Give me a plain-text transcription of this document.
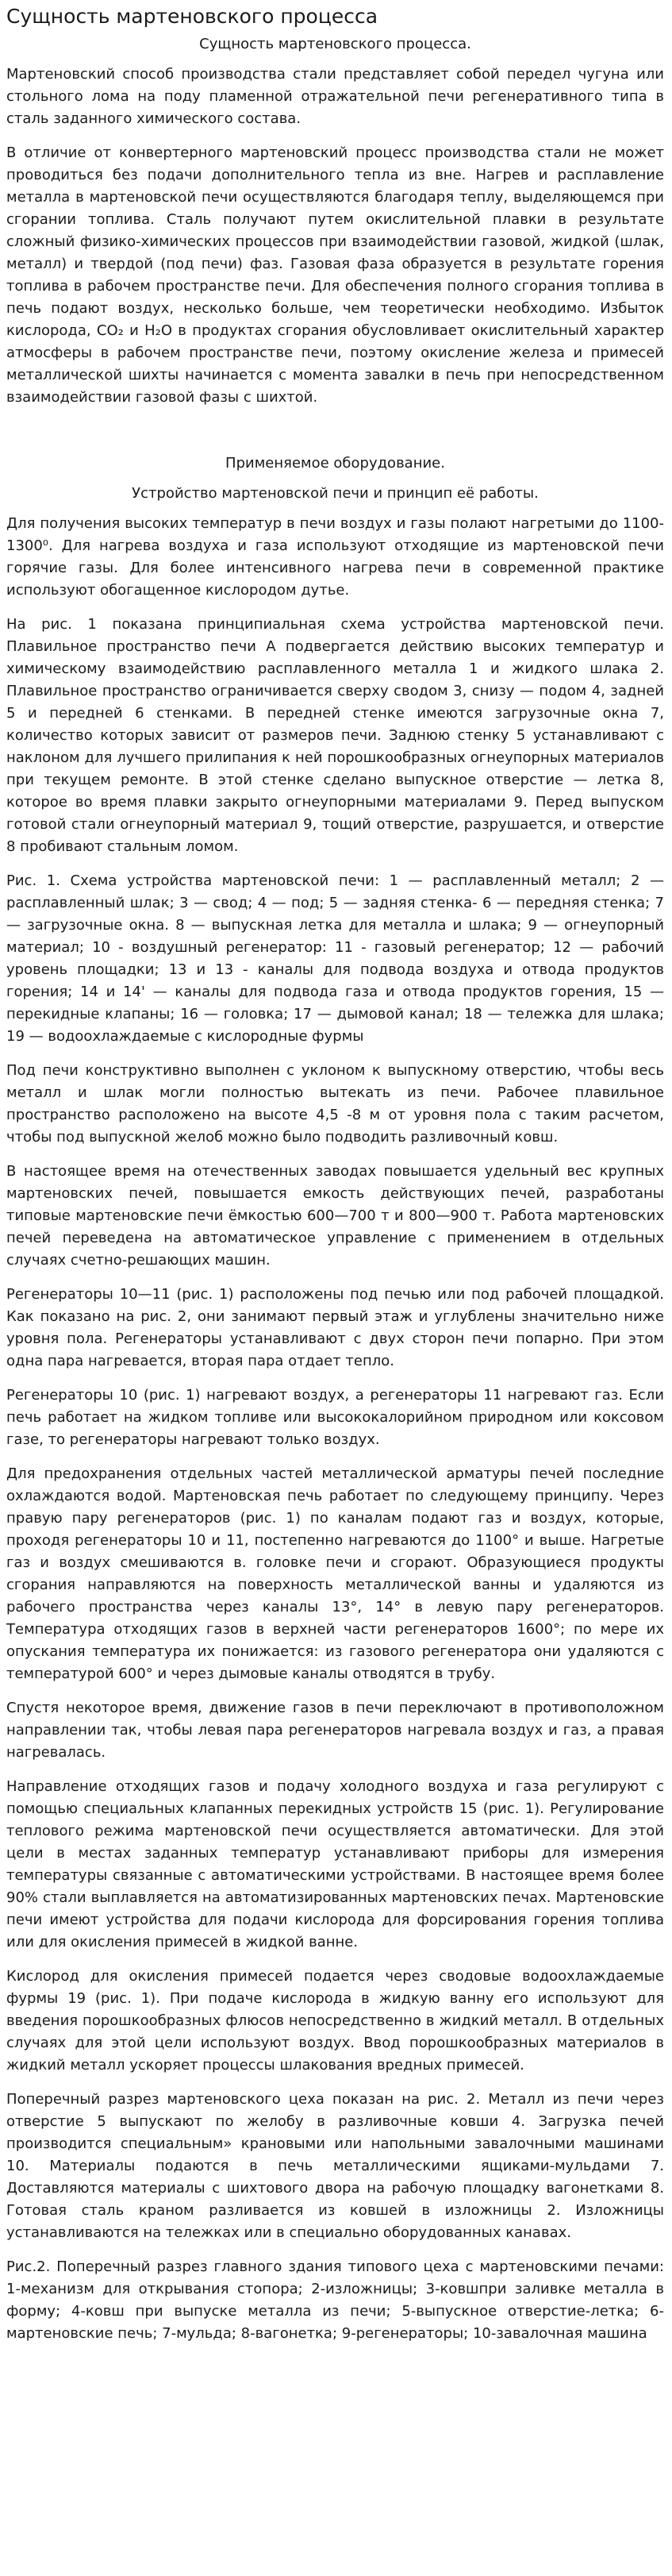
Сущность мартеновского процесса
Сущность мартеновского процесса.

Мартеновский способ производства стали представляет собой передел чугуна или стольного лома на поду пламенной отражательной печи регенеративного типа в сталь заданного химического состава.

В отличие от конвертерного мартеновский процесс производства стали не может проводиться без подачи дополнительного тепла из вне. Нагрев и расплавление металла в мартеновской печи осуществляются благодаря теплу, выделяющемся при сгорании топлива. Сталь получают путем окислительной плавки в результате сложный физико-химических процессов при взаимодействии газовой, жидкой (шлак, металл) и твердой (под печи) фаз. Газовая фаза образуется в результате горения топлива в рабочем пространстве печи. Для обеспечения полного сгорания топлива в печь подают воздух, несколько больше, чем теоретически необходимо. Избыток кислорода, CO₂ и H₂O в продуктах сгорания обусловливает окислительный характер атмосферы в рабочем пространстве печи, поэтому окисление железа и примесей металлической шихты начинается с момента завалки в печь при непосредственном взаимодействии газовой фазы с шихтой.

Применяемое оборудование.
Устройство мартеновской печи и принцип её работы.

Для получения высоких температур в печи воздух и газы полают нагретыми до 1100-1300⁰. Для нагрева воздуха и газа используют отходящие из мартеновской печи горячие газы. Для более интенсивного нагрева печи в современной практике используют обогащенное кислородом дутье.

На рис. 1 показана принципиальная схема устройства мартеновской печи. Плавильное пространство печи А подвергается действию высоких температур и химическому взаимодействию расплавленного металла 1 и жидкого шлака 2. Плавильное пространство ограничивается сверху сводом 3, снизу — подом 4, задней 5 и передней 6 стенками. В передней стенке имеются загрузочные окна 7, количество которых зависит от размеров печи. Заднюю стенку 5 устанавливают с наклоном для лучшего прилипания к ней порошкообразных огнеупорных материалов при текущем ремонте. В этой стенке сделано выпускное отверстие — летка 8, которое во время плавки закрыто огнеупорными материалами 9. Перед выпуском готовой стали огнеупорный материал 9, тощий отверстие, разрушается, и отверстие 8 пробивают стальным ломом.

Рис. 1. Схема устройства мартеновской печи: 1 — расплавленный металл; 2 — расплавленный шлак; 3 — свод; 4 — под; 5 — задняя стенка- 6 — передняя стенка; 7 — загрузочные окна. 8 — выпускная летка для металла и шлака; 9 — огнеупорный материал; 10 - воздушный регенератор: 11 - газовый регенератор; 12 — рабочий уровень площадки; 13 и 13 - каналы для подвода воздуха и отвода продуктов горения; 14 и 14' — каналы для подвода газа и отвода продуктов горения, 15 — перекидные клапаны; 16 — головка; 17 — дымовой канал; 18 — тележка для шлака; 19 — водоохлаждаемые с кислородные фурмы

Под печи конструктивно выполнен с уклоном к выпускному отверстию, чтобы весь металл и шлак могли полностью вытекать из печи. Рабочее плавильное пространство расположено на высоте 4,5 -8 м от уровня пола с таким расчетом, чтобы под выпускной желоб можно было подводить разливочный ковш.

В настоящее время на отечественных заводах повышается удельный вес крупных мартеновских печей, повышается емкость действующих печей, разработаны типовые мартеновские печи ёмкостью 600—700 т и 800—900 т. Работа мартеновских печей переведена на автоматическое управление с применением в отдельных случаях счетно-решающих машин.

Регенераторы 10—11 (рис. 1) расположены под печью или под рабочей площадкой. Как показано на рис. 2, они занимают первый этаж и углублены значительно ниже уровня пола. Регенераторы устанавливают с двух сторон печи попарно. При этом одна пара нагревается, вторая пара отдает тепло.

Регенераторы 10 (рис. 1) нагревают воздух, а регенераторы 11 нагревают газ. Если печь работает на жидком топливе или высококалорийном природном или коксовом газе, то регенераторы нагревают только воздух.

Для предохранения отдельных частей металлической арматуры печей последние охлаждаются водой. Мартеновская печь работает по следующему принципу. Через правую пару регенераторов (рис. 1) по каналам подают газ и воздух, которые, проходя регенераторы 10 и 11, постепенно нагреваются до 1100° и выше. Нагретые газ и воздух смешиваются в. головке печи и сгорают. Образующиеся продукты сгорания направляются на поверхность металлической ванны и удаляются из рабочего пространства через каналы 13°, 14° в левую пару регенераторов. Температура отходящих газов в верхней части регенераторов 1600°; по мере их опускания температура их понижается: из газового регенератора они удаляются с температурой 600° и через дымовые каналы отводятся в трубу.

Спустя некоторое время, движение газов в печи переключают в противоположном направлении так, чтобы левая пара регенераторов нагревала воздух и газ, а правая нагревалась.

Направление отходящих газов и подачу холодного воздуха и газа регулируют с помощью специальных клапанных перекидных устройств 15 (рис. 1). Регулирование теплового режима мартеновской печи осуществляется автоматически. Для этой цели в местах заданных температур устанавливают приборы для измерения температуры связанные с автоматическими устройствами. В настоящее время более 90% стали выплавляется на автоматизированных мартеновских печах. Мартеновские печи имеют устройства для подачи кислорода для форсирования горения топлива или для окисления примесей в жидкой ванне.

Кислород для окисления примесей подается через сводовые водоохлаждаемые фурмы 19 (рис. 1). При подаче кислорода в жидкую ванну его используют для введения порошкообразных флюсов непосредственно в жидкий металл. В отдельных случаях для этой цели используют воздух. Ввод порошкообразных материалов в жидкий металл ускоряет процессы шлакования вредных примесей.

Поперечный разрез мартеновского цеха показан на рис. 2. Металл из печи через отверстие 5 выпускают по желобу в разливочные ковши 4. Загрузка печей производится специальным» крановыми или напольными завалочными машинами 10. Материалы подаются в печь металлическими ящиками-мульдами 7. Доставляются материалы с шихтового двора на рабочую площадку вагонетками 8. Готовая сталь краном разливается из ковшей в изложницы 2. Изложницы устанавливаются на тележках или в специально оборудованных канавах.

Рис.2. Поперечный разрез главного здания типового цеха с мартеновскими печами: 1-механизм для открывания стопора; 2-изложницы; 3-ковшпри заливке металла в форму; 4-ковш при выпуске металла из печи; 5-выпускное отверстие-летка; 6-мартеновские печь; 7-мульда; 8-вагонетка; 9-регенераторы; 10-завалочная машина
